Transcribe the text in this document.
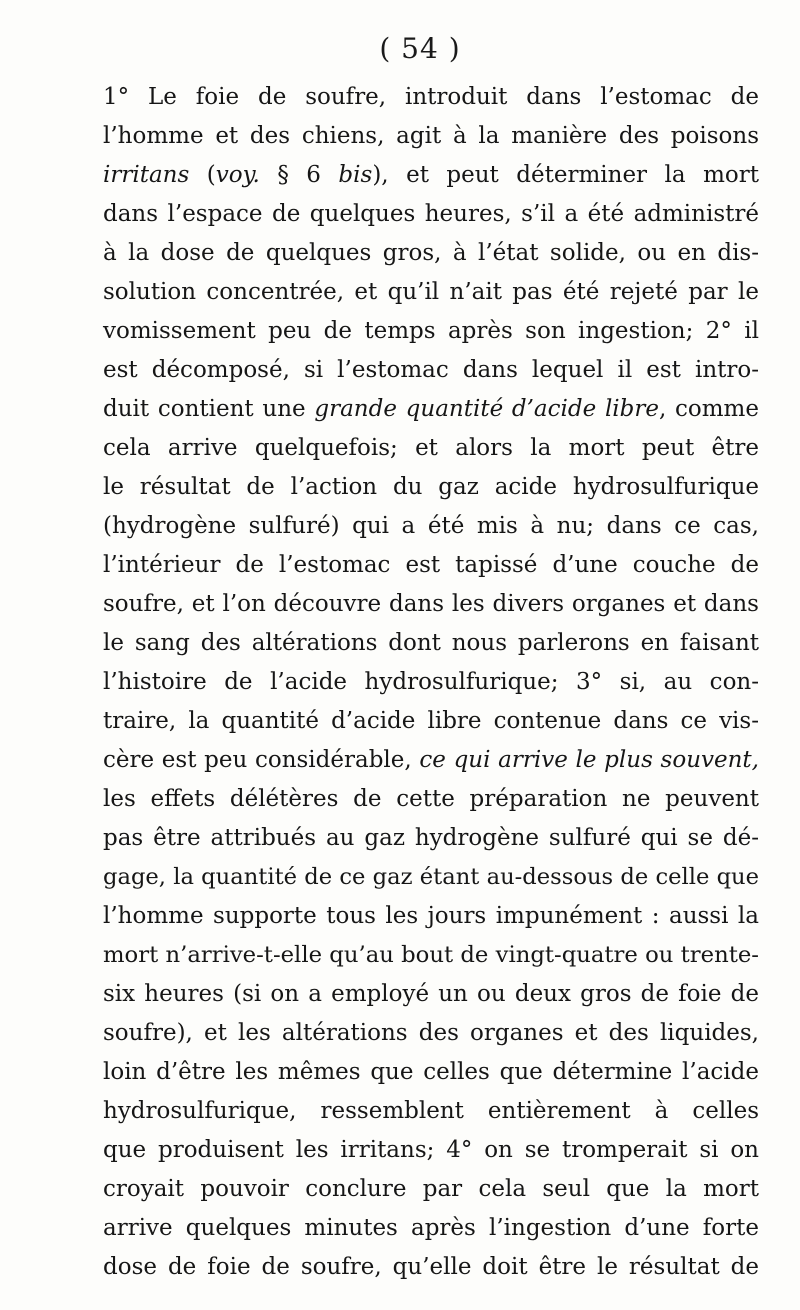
( 54 )
1° Le foie de soufre, introduit dans l’estomac de
l’homme et des chiens, agit à la manière des poisons
irritans (voy. § 6 bis), et peut déterminer la mort
dans l’espace de quelques heures, s’il a été administré
à la dose de quelques gros, à l’état solide, ou en dis-
solution concentrée, et qu’il n’ait pas été rejeté par le
vomissement peu de temps après son ingestion; 2° il
est décomposé, si l’estomac dans lequel il est intro-
duit contient une grande quantité d’acide libre, comme
cela arrive quelquefois; et alors la mort peut être
le résultat de l’action du gaz acide hydrosulfurique
(hydrogène sulfuré) qui a été mis à nu; dans ce cas,
l’intérieur de l’estomac est tapissé d’une couche de
soufre, et l’on découvre dans les divers organes et dans
le sang des altérations dont nous parlerons en faisant
l’histoire de l’acide hydrosulfurique; 3° si, au con-
traire, la quantité d’acide libre contenue dans ce vis-
cère est peu considérable, ce qui arrive le plus souvent,
les effets délétères de cette préparation ne peuvent
pas être attribués au gaz hydrogène sulfuré qui se dé-
gage, la quantité de ce gaz étant au-dessous de celle que
l’homme supporte tous les jours impunément : aussi la
mort n’arrive-t-elle qu’au bout de vingt-quatre ou trente-
six heures (si on a employé un ou deux gros de foie de
soufre), et les altérations des organes et des liquides,
loin d’être les mêmes que celles que détermine l’acide
hydrosulfurique, ressemblent entièrement à celles
que produisent les irritans; 4° on se tromperait si on
croyait pouvoir conclure par cela seul que la mort
arrive quelques minutes après l’ingestion d’une forte
dose de foie de soufre, qu’elle doit être le résultat de
